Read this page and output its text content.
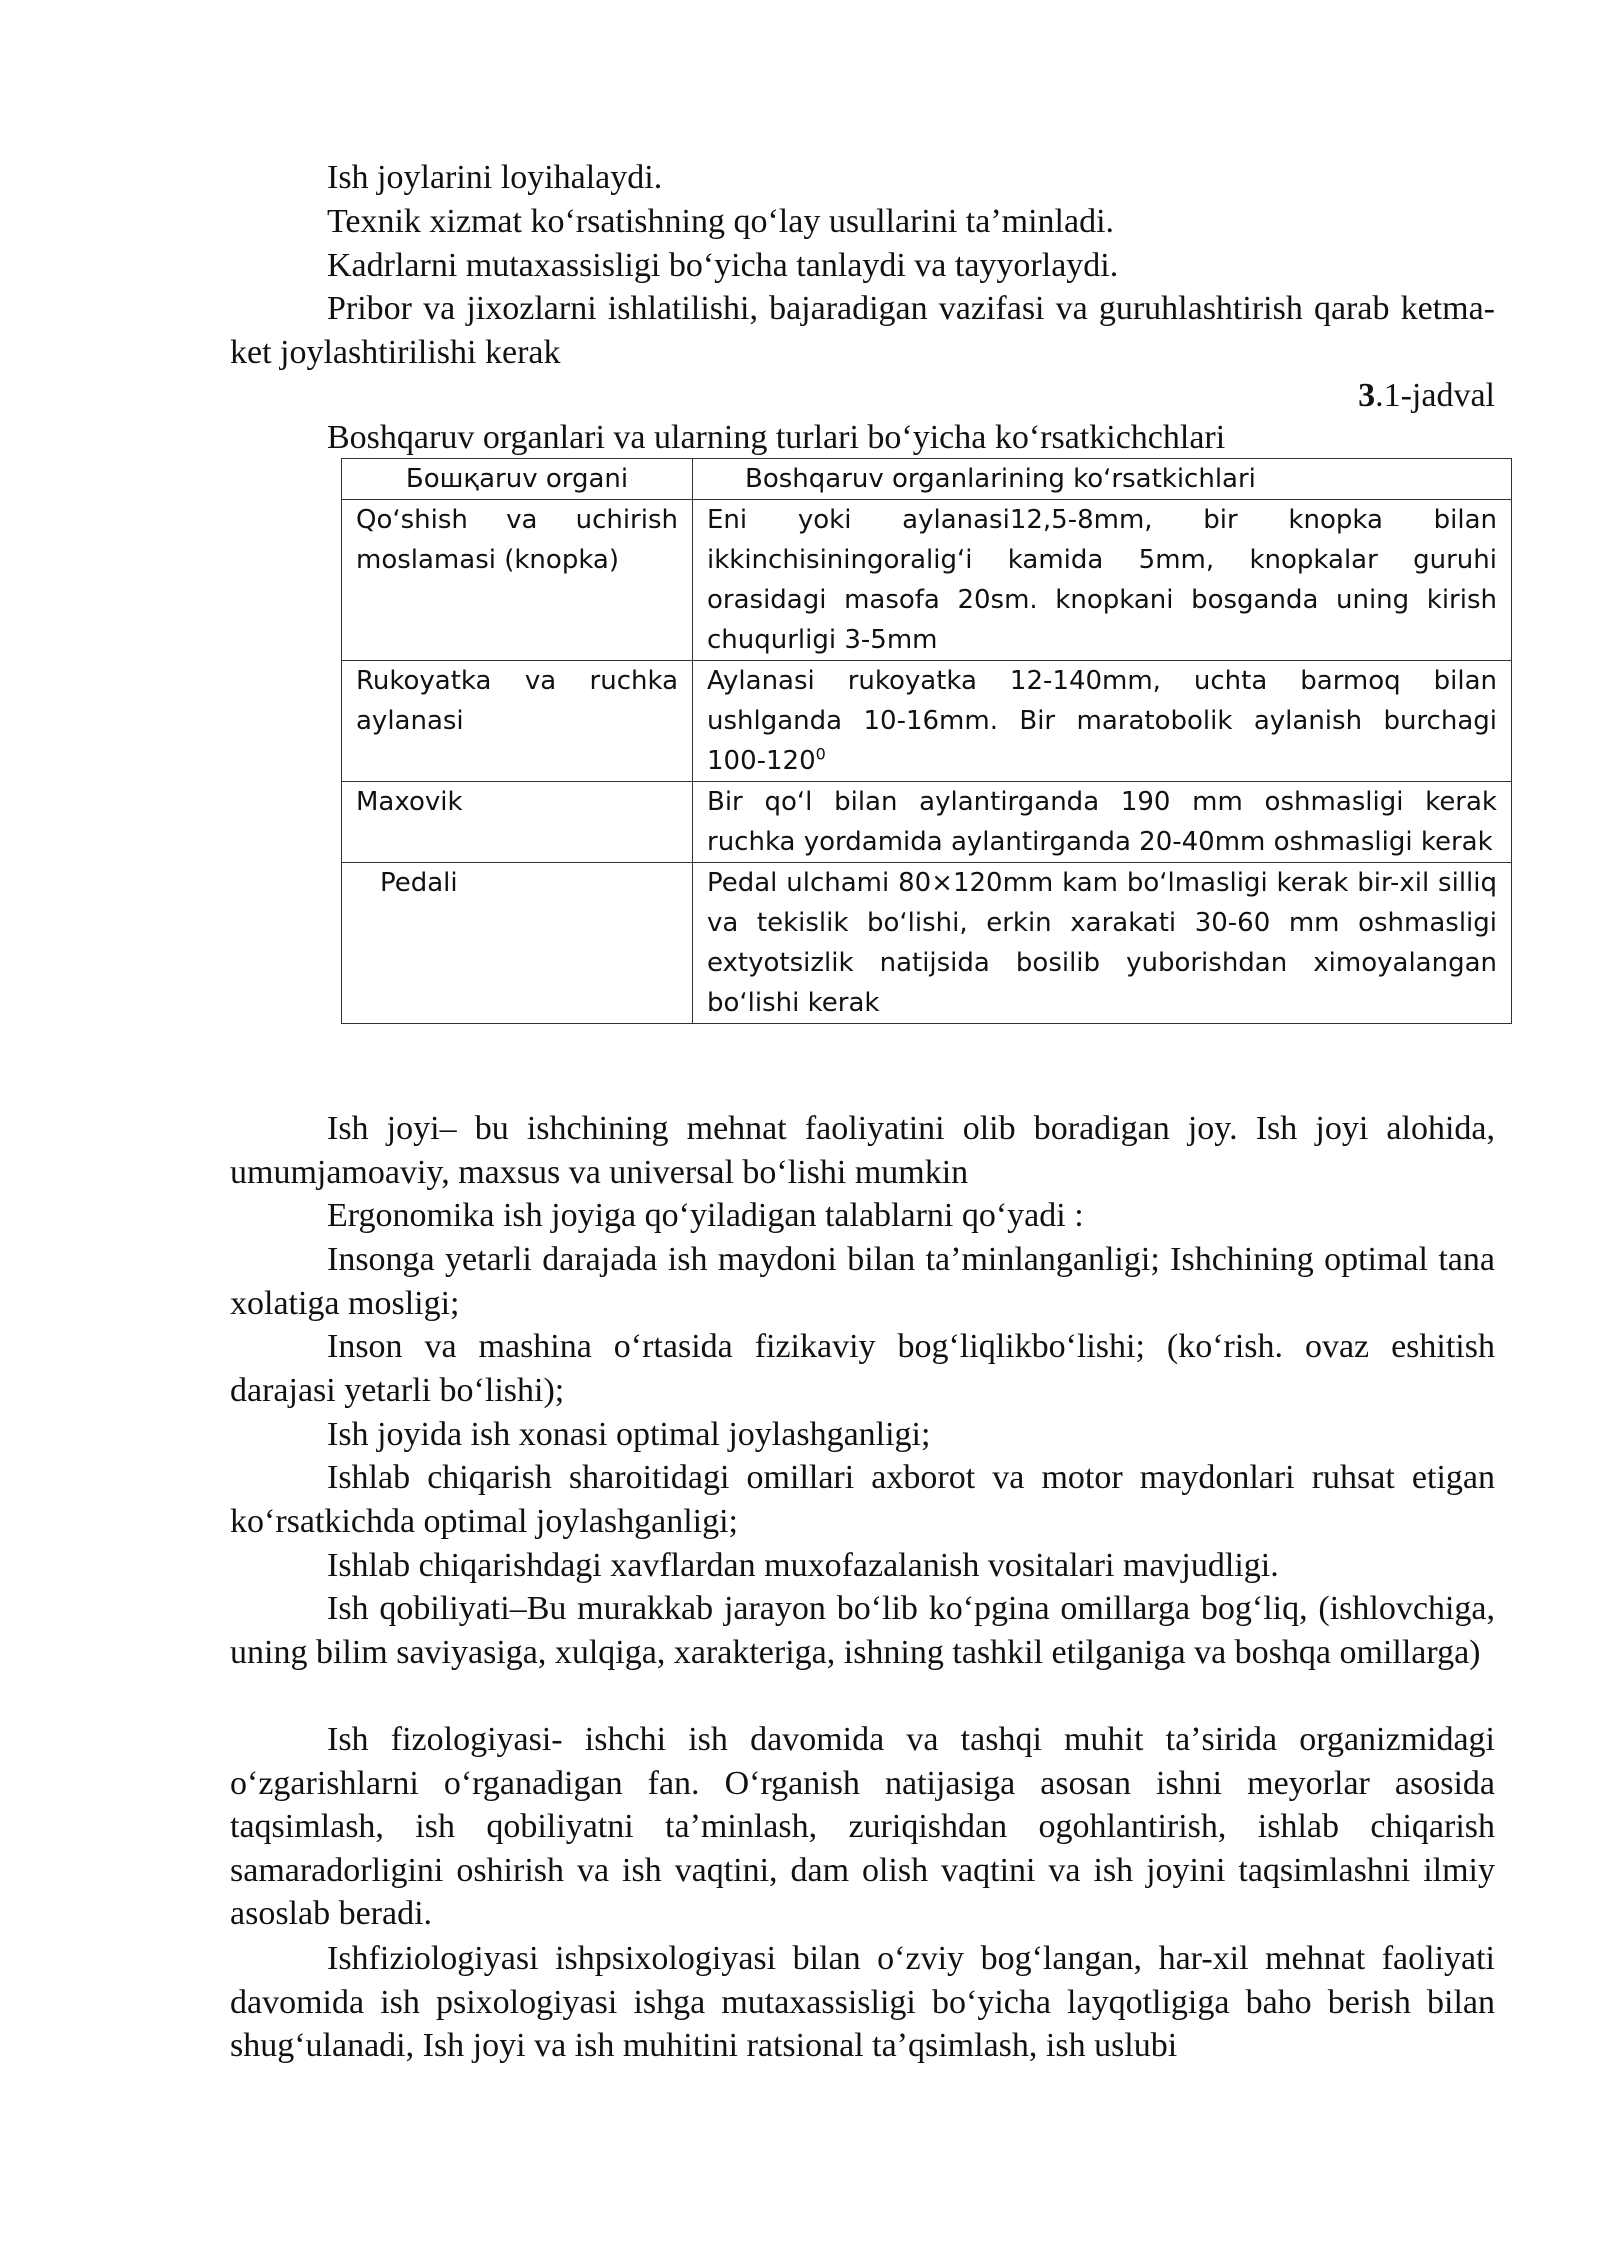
Ish joylarini loyihalaydi.

Texnik xizmat koʻrsatishning qoʻlay usullarini taʼminladi.

Kadrlarni mutaxassisligi boʻyicha tanlaydi va tayyorlaydi.

Pribor va jixozlarni ishlatilishi, bajaradigan vazifasi va guruhlashtirish qarab ketma-ket joylashtirilishi kerak

3.1-jadval

Boshqaruv organlari va ularning turlari boʻyicha koʻrsatkichchlari

Бошқaruv organi	Boshqaruv organlarining koʻrsatkichlari
Qoʻshish va uchirish moslamasi (knopka)	Eni yoki aylanasi12,5-8mm, bir knopka bilan ikkinchisiningoralig‘i kamida 5mm, knopkalar guruhi orasidagi masofa 20sm. knopkani bosganda uning kirish chuqurligi 3-5mm
Rukoyatka va ruchka aylanasi	Aylanasi rukoyatka 12-140mm, uchta barmoq bilan ushlganda 10-16mm. Bir maratobolik aylanish burchagi $100-120^0$
Maxovik	Bir qoʻl bilan aylantirganda 190 mm oshmasligi kerak ruchka yordamida aylantirganda 20-40mm oshmasligi kerak
Pedali	Pedal ulchami 80×120mm kam boʻlmasligi kerak bir-xil silliq va tekislik boʻlishi, erkin xarakati 30-60 mm oshmasligi extyotsizlik natijsida bosilib yuborishdan ximoyalangan boʻlishi kerak

Ish joyi– bu ishchining mehnat faoliyatini olib boradigan joy. Ish joyi alohida, umumjamoaviy, maxsus va universal boʻlishi mumkin

Ergonomika ish joyiga qoʻyiladigan talablarni qoʻyadi :

Insonga yetarli darajada ish maydoni bilan taʼminlanganligi; Ishchining optimal tana xolatiga mosligi;

Inson va mashina oʻrtasida fizikaviy bogʻliqlikboʻlishi; (koʻrish. ovaz eshitish darajasi yetarli boʻlishi);

Ish joyida ish xonasi optimal joylashganligi;

Ishlab chiqarish sharoitidagi omillari axborot va motor maydonlari ruhsat etigan koʻrsatkichda optimal joylashganligi;

Ishlab chiqarishdagi xavflardan muxofazalanish vositalari mavjudligi.

Ish qobiliyati–Bu murakkab jarayon boʻlib koʻpgina omillarga bogʻliq, (ishlovchiga, uning bilim saviyasiga, xulqiga, xarakteriga, ishning tashkil etilganiga va boshqa omillarga)

Ish fizologiyasi- ishchi ish davomida va tashqi muhit taʼsirida organizmidagi oʻzgarishlarni oʻrganadigan fan. Oʻrganish natijasiga asosan ishni meyorlar asosida taqsimlash, ish qobiliyatni taʼminlash, zuriqishdan ogohlantirish, ishlab chiqarish samaradorligini oshirish va ish vaqtini, dam olish vaqtini va ish joyini taqsimlashni ilmiy asoslab beradi.

Ishfiziologiyasi ishpsixologiyasi bilan oʻzviy bogʻlangan, har-xil mehnat faoliyati davomida ish psixologiyasi ishga mutaxassisligi boʻyicha layqotligiga baho berish bilan shugʻulanadi, Ish joyi va ish muhitini ratsional taʼqsimlash, ish uslubi
